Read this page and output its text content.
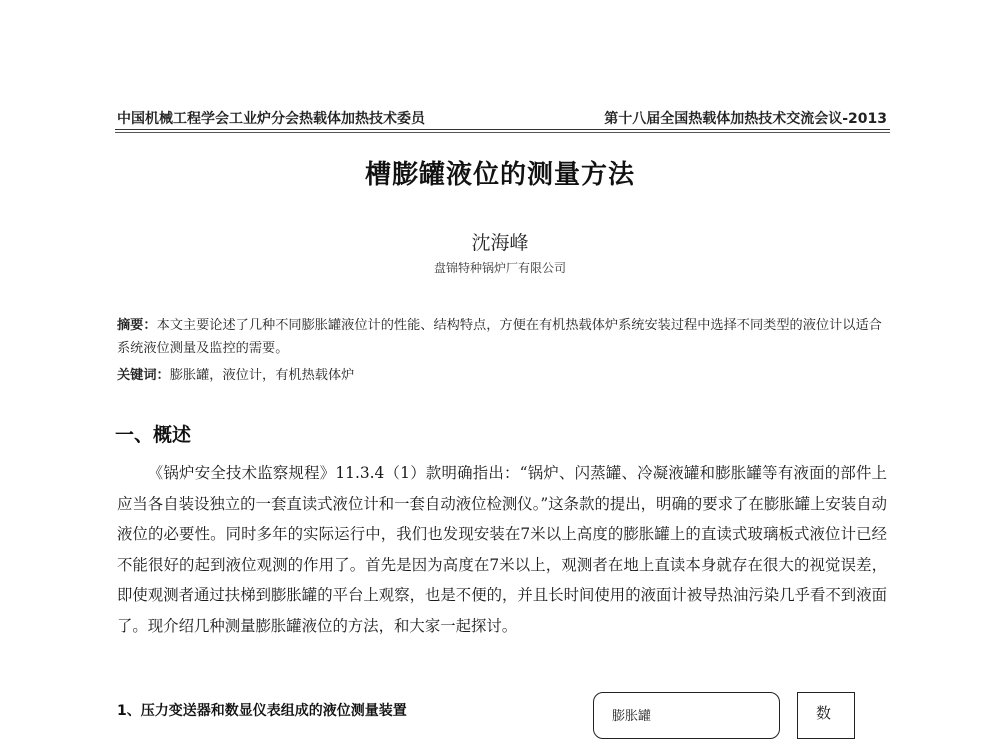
中国机械工程学会工业炉分会热载体加热技术委员	第十八届全国热载体加热技术交流会议-2013
槽膨罐液位的测量方法
沈海峰
盘锦特种锅炉厂有限公司
摘要：本文主要论述了几种不同膨胀罐液位计的性能、结构特点，方便在有机热载体炉系统安装过程中选择不同类型的液位计以适合系统液位测量及监控的需要。
关键词：膨胀罐，液位计，有机热载体炉
一、概述

《锅炉安全技术监察规程》11.3.4（1）款明确指出：“锅炉、闪蒸罐、冷凝液罐和膨胀罐等有液面的部件上应当各自装设独立的一套直读式液位计和一套自动液位检测仪。”这条款的提出，明确的要求了在膨胀罐上安装自动液位的必要性。同时多年的实际运行中，我们也发现安装在7米以上高度的膨胀罐上的直读式玻璃板式液位计已经不能很好的起到液位观测的作用了。首先是因为高度在7米以上，观测者在地上直读本身就存在很大的视觉误差，即使观测者通过扶梯到膨胀罐的平台上观察，也是不便的，并且长时间使用的液面计被导热油污染几乎看不到液面了。现介绍几种测量膨胀罐液位的方法，和大家一起探讨。

1、压力变送器和数显仪表组成的液位测量装置	膨胀罐	数
